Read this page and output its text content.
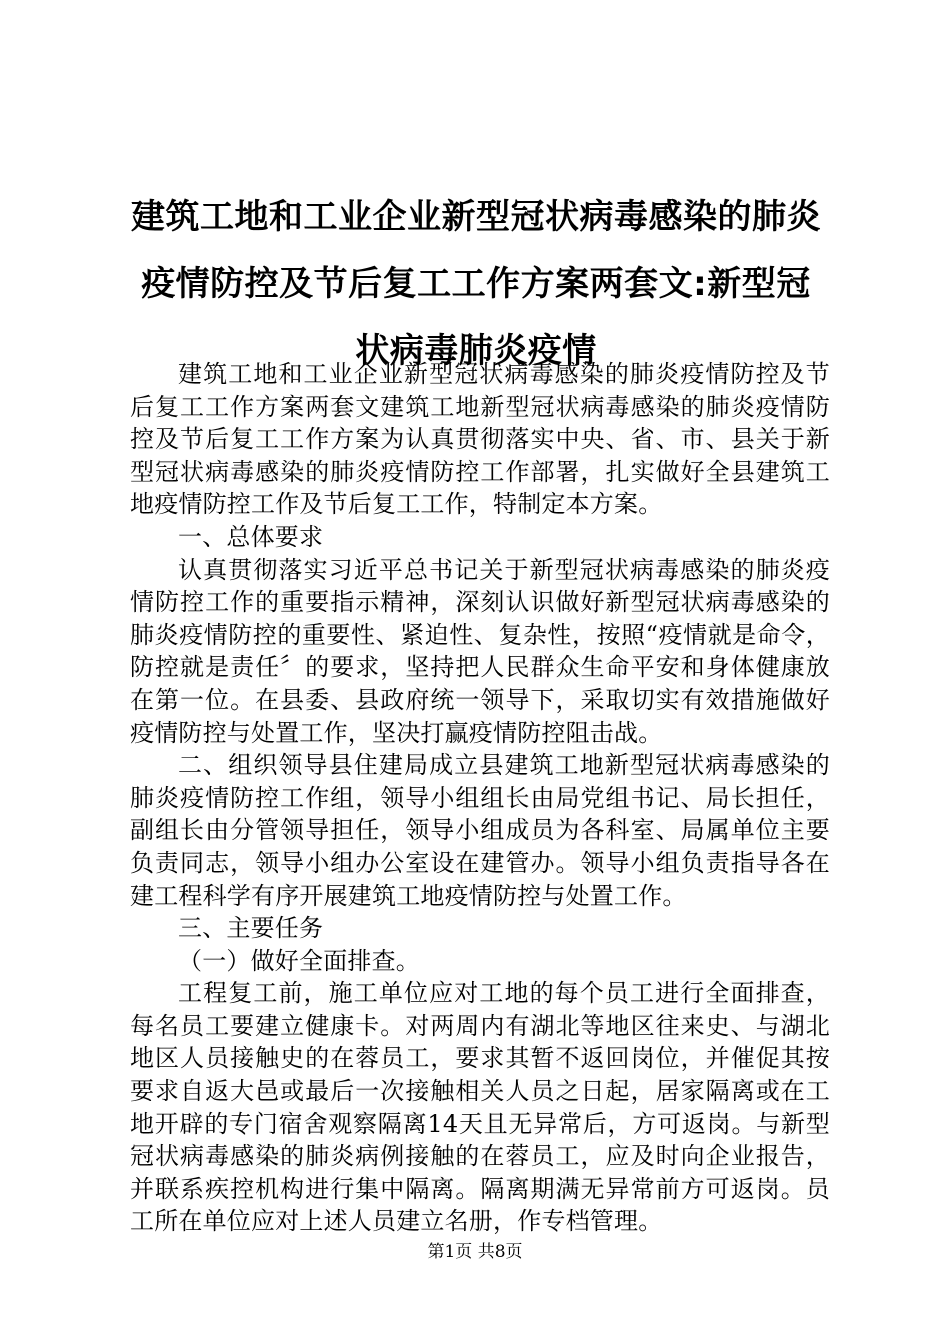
建筑工地和工业企业新型冠状病毒感染的肺炎
疫情防控及节后复工工作方案两套文:新型冠
状病毒肺炎疫情

建筑工地和工业企业新型冠状病毒感染的肺炎疫情防控及节后复工工作方案两套文建筑工地新型冠状病毒感染的肺炎疫情防控及节后复工工作方案为认真贯彻落实中央、省、市、县关于新型冠状病毒感染的肺炎疫情防控工作部署，扎实做好全县建筑工地疫情防控工作及节后复工工作，特制定本方案。

一、总体要求

认真贯彻落实习近平总书记关于新型冠状病毒感染的肺炎疫情防控工作的重要指示精神，深刻认识做好新型冠状病毒感染的肺炎疫情防控的重要性、紧迫性、复杂性，按照“疫情就是命令，防控就是责任〞的要求，坚持把人民群众生命平安和身体健康放在第一位。在县委、县政府统一领导下，采取切实有效措施做好疫情防控与处置工作，坚决打赢疫情防控阻击战。

二、组织领导县住建局成立县建筑工地新型冠状病毒感染的肺炎疫情防控工作组，领导小组组长由局党组书记、局长担任，副组长由分管领导担任，领导小组成员为各科室、局属单位主要负责同志，领导小组办公室设在建管办。领导小组负责指导各在建工程科学有序开展建筑工地疫情防控与处置工作。

三、主要任务

（一）做好全面排查。

工程复工前，施工单位应对工地的每个员工进行全面排查，每名员工要建立健康卡。对两周内有湖北等地区往来史、与湖北地区人员接触史的在蓉员工，要求其暂不返回岗位，并催促其按要求自返大邑或最后一次接触相关人员之日起，居家隔离或在工地开辟的专门宿舍观察隔离14天且无异常后，方可返岗。与新型冠状病毒感染的肺炎病例接触的在蓉员工，应及时向企业报告，并联系疾控机构进行集中隔离。隔离期满无异常前方可返岗。员工所在单位应对上述人员建立名册，作专档管理。

第1页 共8页
